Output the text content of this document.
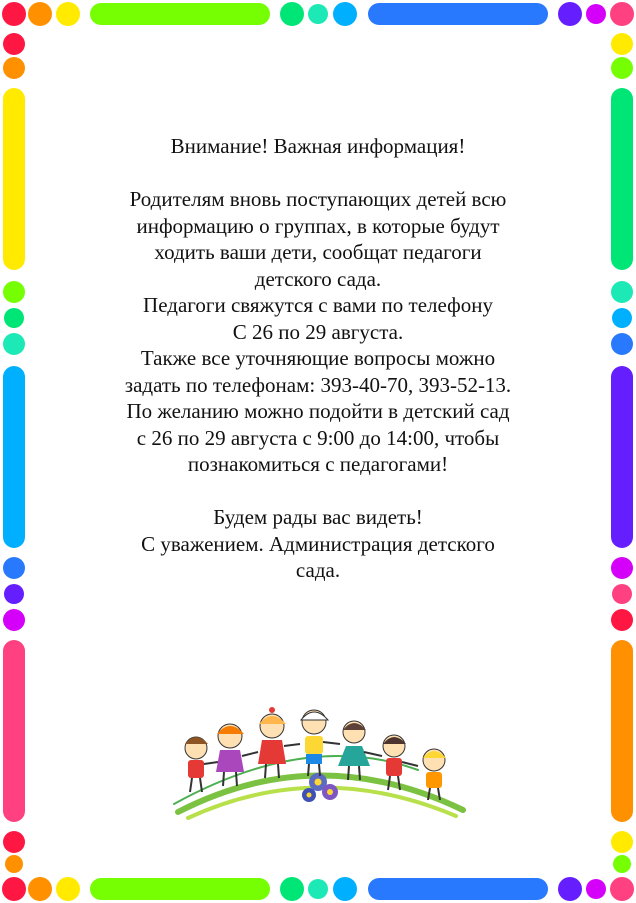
Внимание! Важная информация!
Родителям вновь поступающих детей всю
информацию о группах, в которые будут
ходить ваши дети, сообщат педагоги
детского сада.
Педагоги свяжутся с вами по телефону
С 26 по 29 августа.
Также все уточняющие вопросы можно
задать по телефонам: 393-40-70, 393-52-13.
По желанию можно подойти в детский сад
с 26 по 29 августа с 9:00 до 14:00, чтобы
познакомиться с педагогами!
Будем рады вас видеть!
С уважением. Администрация детского
сада.
